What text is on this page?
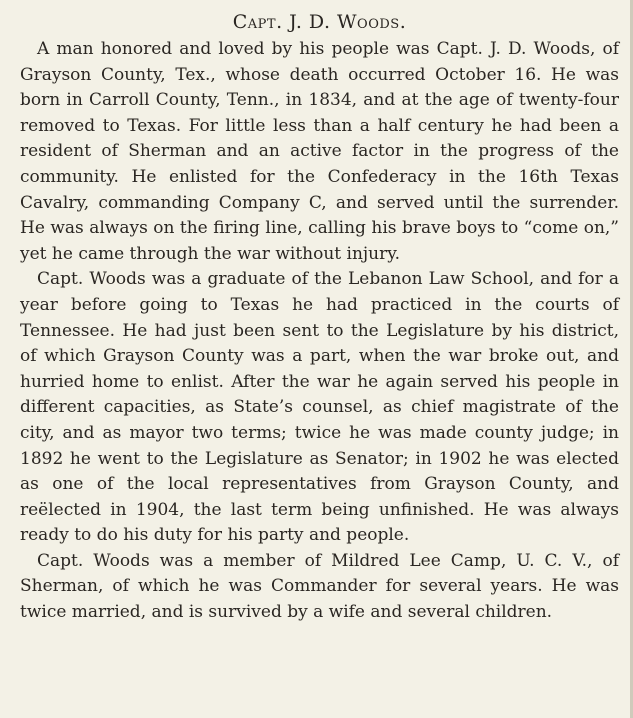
Capt. J. D. Woods.

A man honored and loved by his people was Capt. J. D. Woods, of Grayson County, Tex., whose death occurred October 16. He was born in Carroll County, Tenn., in 1834, and at the age of twenty-four removed to Texas. For little less than a half century he had been a resident of Sherman and an active factor in the progress of the community. He enlisted for the Confederacy in the 16th Texas Cavalry, commanding Company C, and served until the surrender. He was always on the firing line, calling his brave boys to “come on,” yet he came through the war without injury.

Capt. Woods was a graduate of the Lebanon Law School, and for a year before going to Texas he had practiced in the courts of Tennessee. He had just been sent to the Legislature by his district, of which Grayson County was a part, when the war broke out, and hurried home to enlist. After the war he again served his people in different capacities, as State’s counsel, as chief magistrate of the city, and as mayor two terms; twice he was made county judge; in 1892 he went to the Legislature as Senator; in 1902 he was elected as one of the local representatives from Grayson County, and reëlected in 1904, the last term being unfinished. He was always ready to do his duty for his party and people.

Capt. Woods was a member of Mildred Lee Camp, U. C. V., of Sherman, of which he was Commander for several years. He was twice married, and is survived by a wife and several children.
